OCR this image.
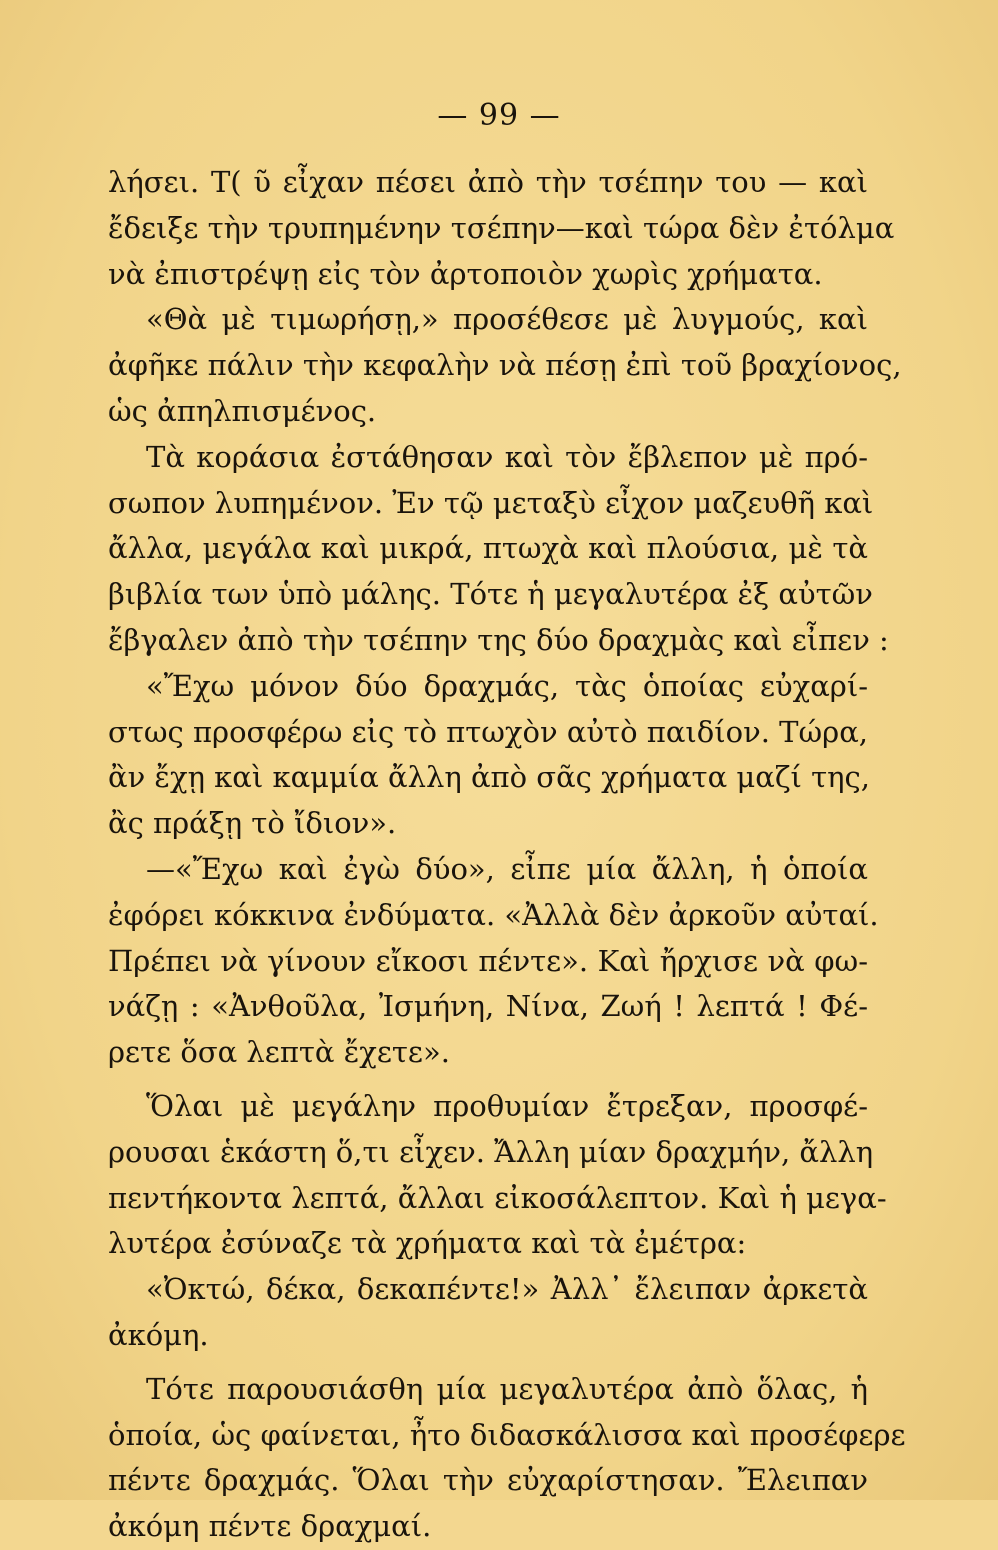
— 99 —
λήσει. Τ( ῦ εἶχαν πέσει ἀπὸ τὴν τσέπην του — καὶ
ἔδειξε τὴν τρυπημένην τσέπην—καὶ τώρα δὲν ἐτόλμα
νὰ ἐπιστρέψῃ εἰς τὸν ἀρτοποιὸν χωρὶς χρήματα.
«Θὰ μὲ τιμωρήσῃ,» προσέθεσε μὲ λυγμούς, καὶ
ἀφῆκε πάλιν τὴν κεφαλὴν νὰ πέσῃ ἐπὶ τοῦ βραχίονος,
ὡς ἀπηλπισμένος.
Τὰ κοράσια ἐστάθησαν καὶ τὸν ἔβλεπον μὲ πρό-
σωπον λυπημένον. Ἐν τῷ μεταξὺ εἶχον μαζευθῆ καὶ
ἄλλα, μεγάλα καὶ μικρά, πτωχὰ καὶ πλούσια, μὲ τὰ
βιβλία των ὑπὸ μάλης. Τότε ἡ μεγαλυτέρα ἐξ αὐτῶν
ἔβγαλεν ἀπὸ τὴν τσέπην της δύο δραχμὰς καὶ εἶπεν :
«Ἔχω μόνον δύο δραχμάς, τὰς ὁποίας εὐχαρί-
στως προσφέρω εἰς τὸ πτωχὸν αὐτὸ παιδίον. Τώρα,
ἂν ἔχῃ καὶ καμμία ἄλλη ἀπὸ σᾶς χρήματα μαζί της,
ἂς πράξῃ τὸ ἴδιον».
—«Ἔχω καὶ ἐγὼ δύο», εἶπε μία ἄλλη, ἡ ὁποία
ἐφόρει κόκκινα ἐνδύματα. «Ἀλλὰ δὲν ἀρκοῦν αὐταί.
Πρέπει νὰ γίνουν εἴκοσι πέντε». Καὶ ἤρχισε νὰ φω-
νάζῃ : «Ἀνθοῦλα, Ἰσμήνη, Νίνα, Ζωή ! λεπτά ! Φέ-
ρετε ὅσα λεπτὰ ἔχετε».
Ὅλαι μὲ μεγάλην προθυμίαν ἔτρεξαν, προσφέ-
ρουσαι ἑκάστη ὅ,τι εἶχεν. Ἄλλη μίαν δραχμήν, ἄλλη
πεντήκοντα λεπτά, ἄλλαι εἰκοσάλεπτον. Καὶ ἡ μεγα-
λυτέρα ἐσύναζε τὰ χρήματα καὶ τὰ ἐμέτρα:
«Ὀκτώ, δέκα, δεκαπέντε!» Ἀλλ᾽ ἔλειπαν ἀρκετὰ
ἀκόμη.
Τότε παρουσιάσθη μία μεγαλυτέρα ἀπὸ ὅλας, ἡ
ὁποία, ὡς φαίνεται, ἦτο διδασκάλισσα καὶ προσέφερε
πέντε δραχμάς. Ὅλαι τὴν εὐχαρίστησαν. Ἔλειπαν
ἀκόμη πέντε δραχμαί.
